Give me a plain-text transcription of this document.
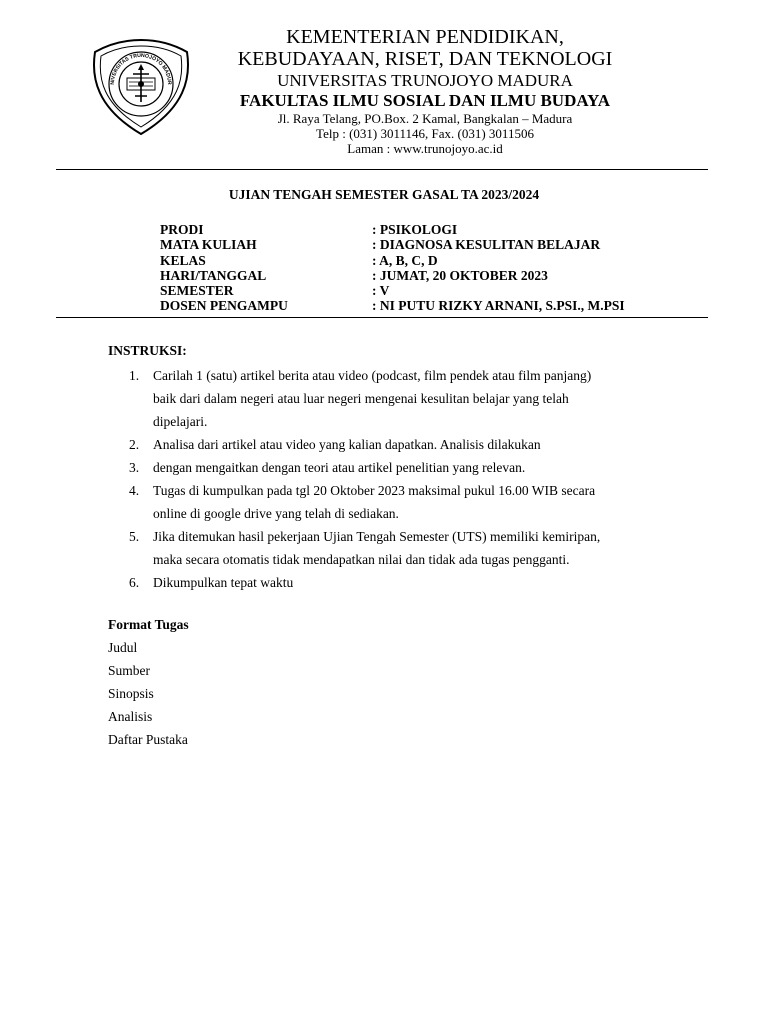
NIVERSITAS TRUNOJOYO MADUR
KEMENTERIAN PENDIDIKAN,
KEBUDAYAAN, RISET, DAN TEKNOLOGI
UNIVERSITAS TRUNOJOYO MADURA
FAKULTAS ILMU SOSIAL DAN ILMU BUDAYA
Jl. Raya Telang, PO.Box. 2 Kamal, Bangkalan – Madura
Telp : (031) 3011146, Fax. (031) 3011506
Laman : www.trunojoyo.ac.id
UJIAN TENGAH SEMESTER GASAL TA 2023/2024
PRODI	: PSIKOLOGI
MATA KULIAH	: DIAGNOSA KESULITAN BELAJAR
KELAS	: A, B, C, D
HARI/TANGGAL	: JUMAT, 20 OKTOBER 2023
SEMESTER	: V
DOSEN PENGAMPU	: NI PUTU RIZKY ARNANI, S.PSI., M.PSI
INSTRUKSI:
1. Carilah 1 (satu) artikel berita atau video (podcast, film pendek atau film panjang)
baik dari dalam negeri atau luar negeri mengenai kesulitan belajar yang telah
dipelajari.
2. Analisa dari artikel atau video yang kalian dapatkan. Analisis dilakukan
3. dengan mengaitkan dengan teori atau artikel penelitian yang relevan.
4. Tugas di kumpulkan pada tgl 20 Oktober 2023 maksimal pukul 16.00 WIB secara
online di google drive yang telah di sediakan.
5. Jika ditemukan hasil pekerjaan Ujian Tengah Semester (UTS) memiliki kemiripan,
maka secara otomatis tidak mendapatkan nilai dan tidak ada tugas pengganti.
6. Dikumpulkan tepat waktu
Format Tugas
Judul
Sumber
Sinopsis
Analisis
Daftar Pustaka
